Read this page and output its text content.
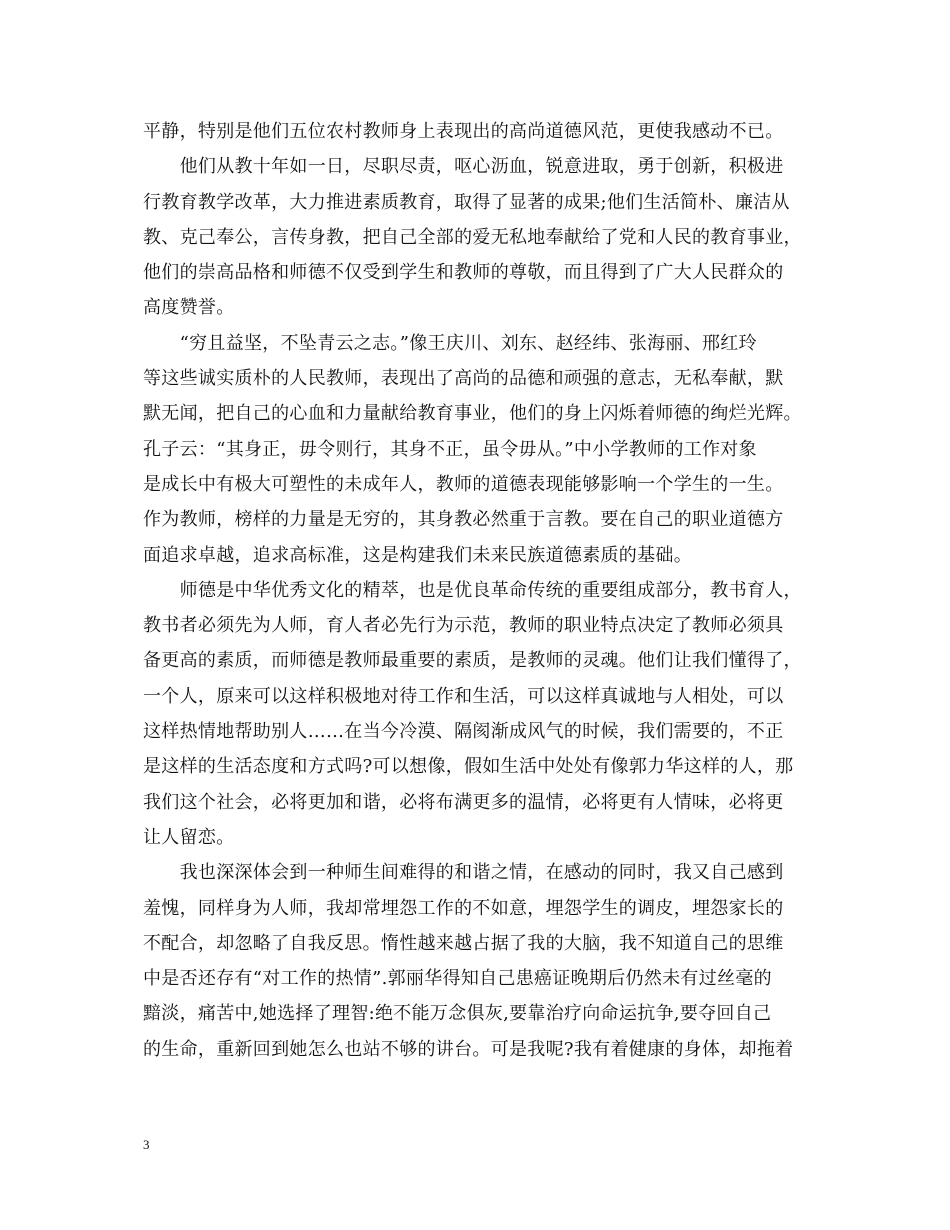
平静，特别是他们五位农村教师身上表现出的高尚道德风范，更使我感动不已。
　　他们从教十年如一日，尽职尽责，呕心沥血，锐意进取，勇于创新，积极进
行教育教学改革，大力推进素质教育，取得了显著的成果;他们生活简朴、廉洁从
教、克己奉公，言传身教，把自己全部的爱无私地奉献给了党和人民的教育事业，
他们的崇高品格和师德不仅受到学生和教师的尊敬，而且得到了广大人民群众的
高度赞誉。
　　“穷且益坚，不坠青云之志。”像王庆川、刘东、赵经纬、张海丽、邢红玲
等这些诚实质朴的人民教师，表现出了高尚的品德和顽强的意志，无私奉献，默
默无闻，把自己的心血和力量献给教育事业，他们的身上闪烁着师德的绚烂光辉。
孔子云：“其身正，毋令则行，其身不正，虽令毋从。”中小学教师的工作对象
是成长中有极大可塑性的未成年人，教师的道德表现能够影响一个学生的一生。
作为教师，榜样的力量是无穷的，其身教必然重于言教。要在自己的职业道德方
面追求卓越，追求高标准，这是构建我们未来民族道德素质的基础。
　　师德是中华优秀文化的精萃，也是优良革命传统的重要组成部分，教书育人，
教书者必须先为人师，育人者必先行为示范，教师的职业特点决定了教师必须具
备更高的素质，而师德是教师最重要的素质，是教师的灵魂。他们让我们懂得了，
一个人，原来可以这样积极地对待工作和生活，可以这样真诚地与人相处，可以
这样热情地帮助别人……在当今冷漠、隔阂渐成风气的时候，我们需要的，不正
是这样的生活态度和方式吗?可以想像，假如生活中处处有像郭力华这样的人，那
我们这个社会，必将更加和谐，必将布满更多的温情，必将更有人情味，必将更
让人留恋。
　　我也深深体会到一种师生间难得的和谐之情，在感动的同时，我又自己感到
羞愧，同样身为人师，我却常埋怨工作的不如意，埋怨学生的调皮，埋怨家长的
不配合，却忽略了自我反思。惰性越来越占据了我的大脑，我不知道自己的思维
中是否还存有“对工作的热情”.郭丽华得知自己患癌证晚期后仍然未有过丝毫的
黯淡，痛苦中,她选择了理智:绝不能万念俱灰,要靠治疗向命运抗争,要夺回自己
的生命，重新回到她怎么也站不够的讲台。可是我呢?我有着健康的身体，却拖着
3
